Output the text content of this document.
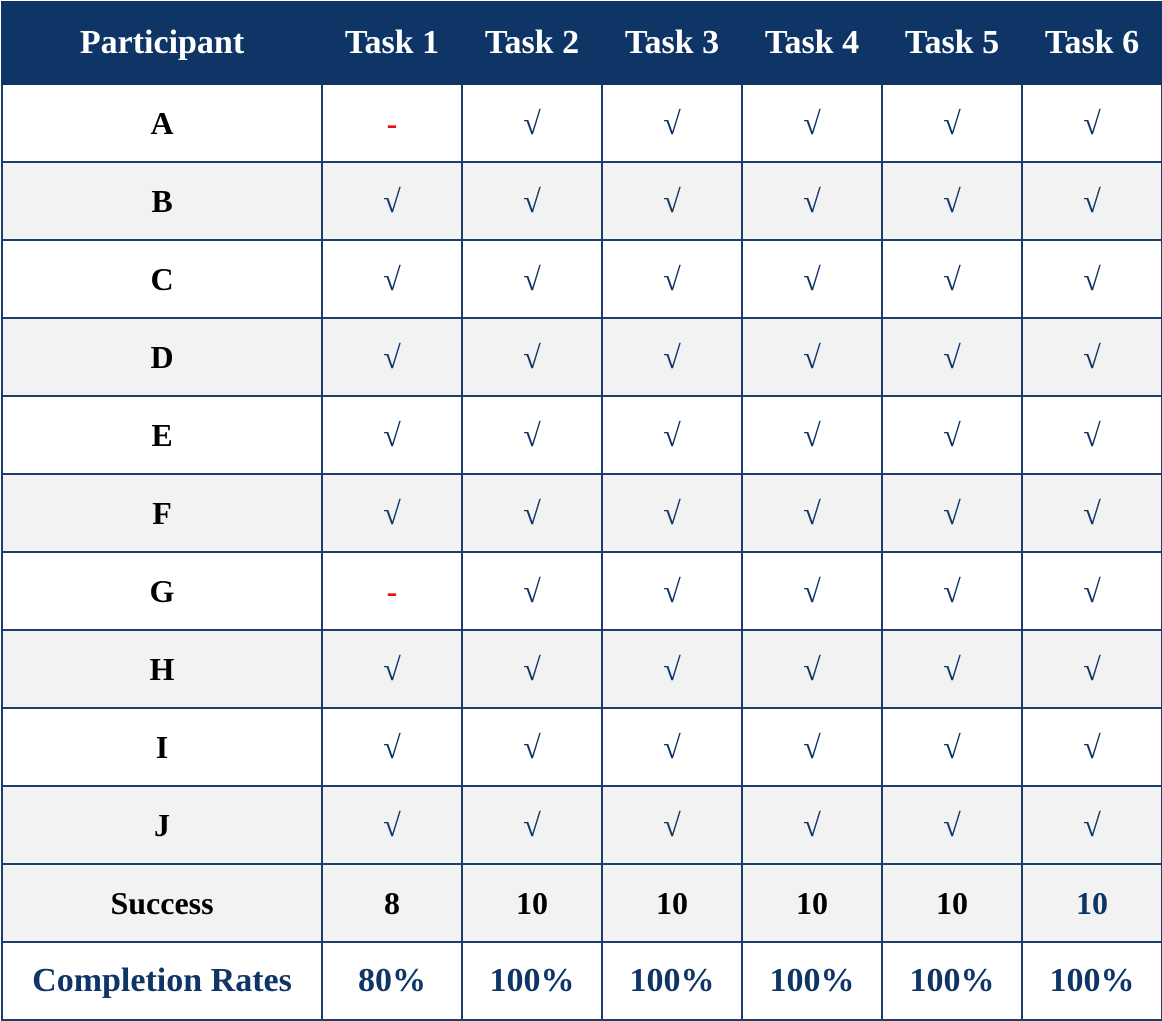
Participant	Task 1	Task 2	Task 3	Task 4	Task 5	Task 6
A	-	√	√	√	√	√
B	√	√	√	√	√	√
C	√	√	√	√	√	√
D	√	√	√	√	√	√
E	√	√	√	√	√	√
F	√	√	√	√	√	√
G	-	√	√	√	√	√
H	√	√	√	√	√	√
I	√	√	√	√	√	√
J	√	√	√	√	√	√
Success	8	10	10	10	10	10
Completion Rates	80%	100%	100%	100%	100%	100%
